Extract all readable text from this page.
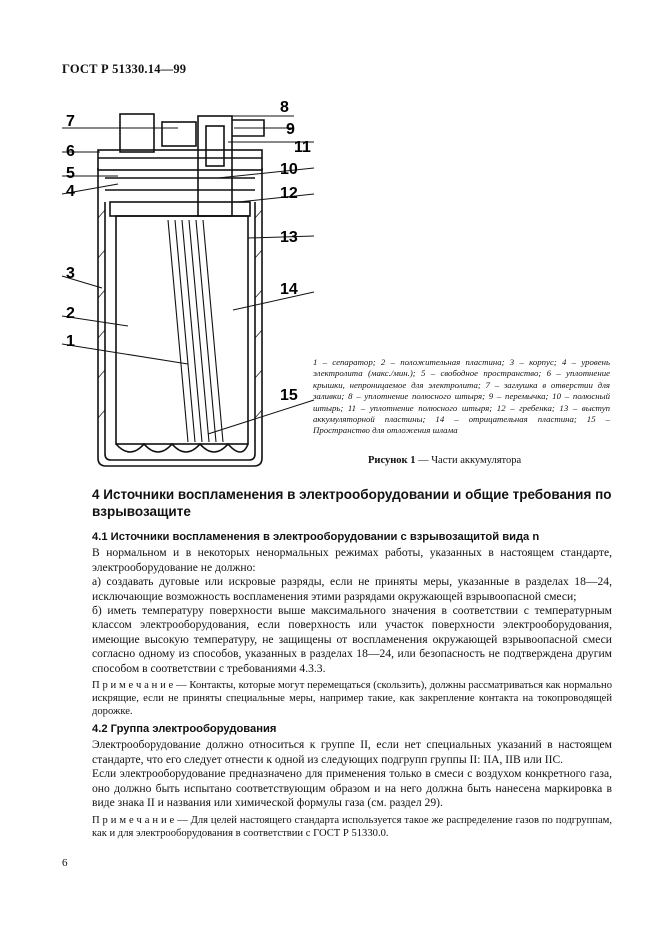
ГОСТ Р 51330.14—99
7
8
9
6	11
5
4
10
12
13
3
14
2
1
15
1 – сепаратор; 2 – положительная пластина; 3 – корпус; 4 – уровень электролита (макс./мин.); 5 – свободное пространство; 6 – уплотнение крышки, непроницаемое для электролита; 7 – заглушка в отверстии для заливки; 8 – уплотнение полюсного штыря; 9 – перемычка; 10 – полюсный штырь; 11 – уплотнение полюсного штыря; 12 – гребенка; 13 – выступ аккумуляторной пластины; 14 – отрицательная пластина; 15 – Пространство для отложения шлама
Рисунок 1 — Части аккумулятора
4 Источники воспламенения в электрооборудовании и общие требования по взрывозащите

4.1 Источники воспламенения в электрооборудовании с взрывозащитой вида n

В нормальном и в некоторых ненормальных режимах работы, указанных в настоящем стандарте, электрооборудование не должно:

а) создавать дуговые или искровые разряды, если не приняты меры, указанные в разделах 18—24, исключающие возможность воспламенения этими разрядами окружающей взрывоопасной смеси;

б) иметь температуру поверхности выше максимального значения в соответствии с температурным классом электрооборудования, если поверхность или участок поверхности электрооборудования, имеющие высокую температуру, не защищены от воспламенения окружающей взрывоопасной смеси согласно одному из способов, указанных в разделах 18—24, или безопасность не подтверждена другим способом в соответствии с требованиями 4.3.3.

П р и м е ч а н и е — Контакты, которые могут перемещаться (скользить), должны рассматриваться как нормально искрящие, если не приняты специальные меры, например такие, как закрепление контакта на токопроводящей дорожке.

4.2 Группа электрооборудования

Электрооборудование должно относиться к группе II, если нет специальных указаний в настоящем стандарте, что его следует отнести к одной из следующих подгрупп группы II: IIA, IIB или IIC.

Если электрооборудование предназначено для применения только в смеси с воздухом конкретного газа, оно должно быть испытано соответствующим образом и на него должна быть нанесена маркировка в виде знака II и названия или химической формулы газа (см. раздел 29).

П р и м е ч а н и е — Для целей настоящего стандарта используется такое же распределение газов по подгруппам, как и для электрооборудования в соответствии с ГОСТ Р 51330.0.

6
